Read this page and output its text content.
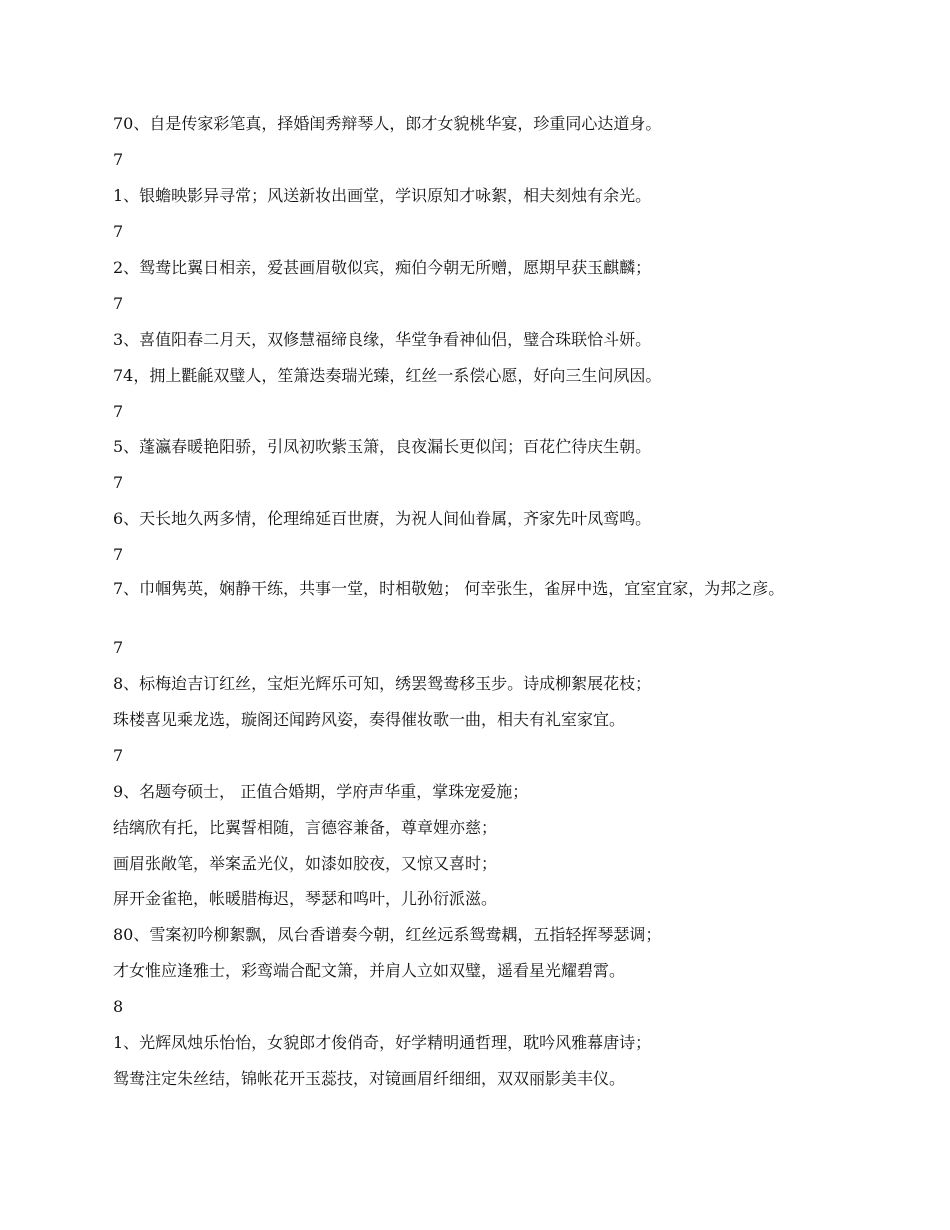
70、自是传家彩笔真，择婚闺秀辩琴人，郎才女貌桃华宴，珍重同心达道身。
7
1、银蟾映影异寻常；风送新妆出画堂，学识原知才咏絮，相夫刻烛有余光。
7
2、鸳鸯比翼日相亲，爱甚画眉敬似宾，痴伯今朝无所赠，愿期早获玉麒麟；
7
3、喜值阳春二月天，双修慧福缔良缘，华堂争看神仙侣，璧合珠联恰斗妍。
74，拥上氍毹双璧人，笙箫迭奏瑞光臻，红丝一系偿心愿，好向三生问夙因。
7
5、蓬瀛春暖艳阳骄，引凤初吹紫玉箫，良夜漏长更似闰；百花伫待庆生朝。
7
6、天长地久两多情，伦理绵延百世赓，为祝人间仙眷属，齐家先叶凤鸾鸣。
7
7、巾帼隽英，娴静干练，共事一堂，时相敬勉； 何幸张生，雀屏中选，宜室宜家，为邦之彦。
7
8、标梅迨吉订红丝，宝炬光辉乐可知，绣罢鸳鸯移玉步。诗成柳絮展花枝；
珠楼喜见乘龙选，璇阁还闻跨风姿，奏得催妆歌一曲，相夫有礼室家宜。
7
9、名题夸硕士， 正值合婚期，学府声华重，掌珠宠爱施；
结缡欣有托，比翼誓相随，言德容兼备，尊章娌亦慈；
画眉张敞笔，举案孟光仪，如漆如胶夜，又惊又喜时；
屏开金雀艳，帐暖腊梅迟，琴瑟和鸣叶，儿孙衍派滋。
80、雪案初吟柳絮飘，凤台香谱奏今朝，红丝远系鸳鸯耦，五指轻挥琴瑟调；
才女惟应逢雅士，彩鸾端合配文箫，并肩人立如双璧，遥看星光耀碧霄。
8
1、光辉凤烛乐怡怡，女貌郎才俊俏奇，好学精明通哲理，耽吟风雅幕唐诗；
鸳鸯注定朱丝结，锦帐花开玉蕊技，对镜画眉纤细细，双双丽影美丰仪。
